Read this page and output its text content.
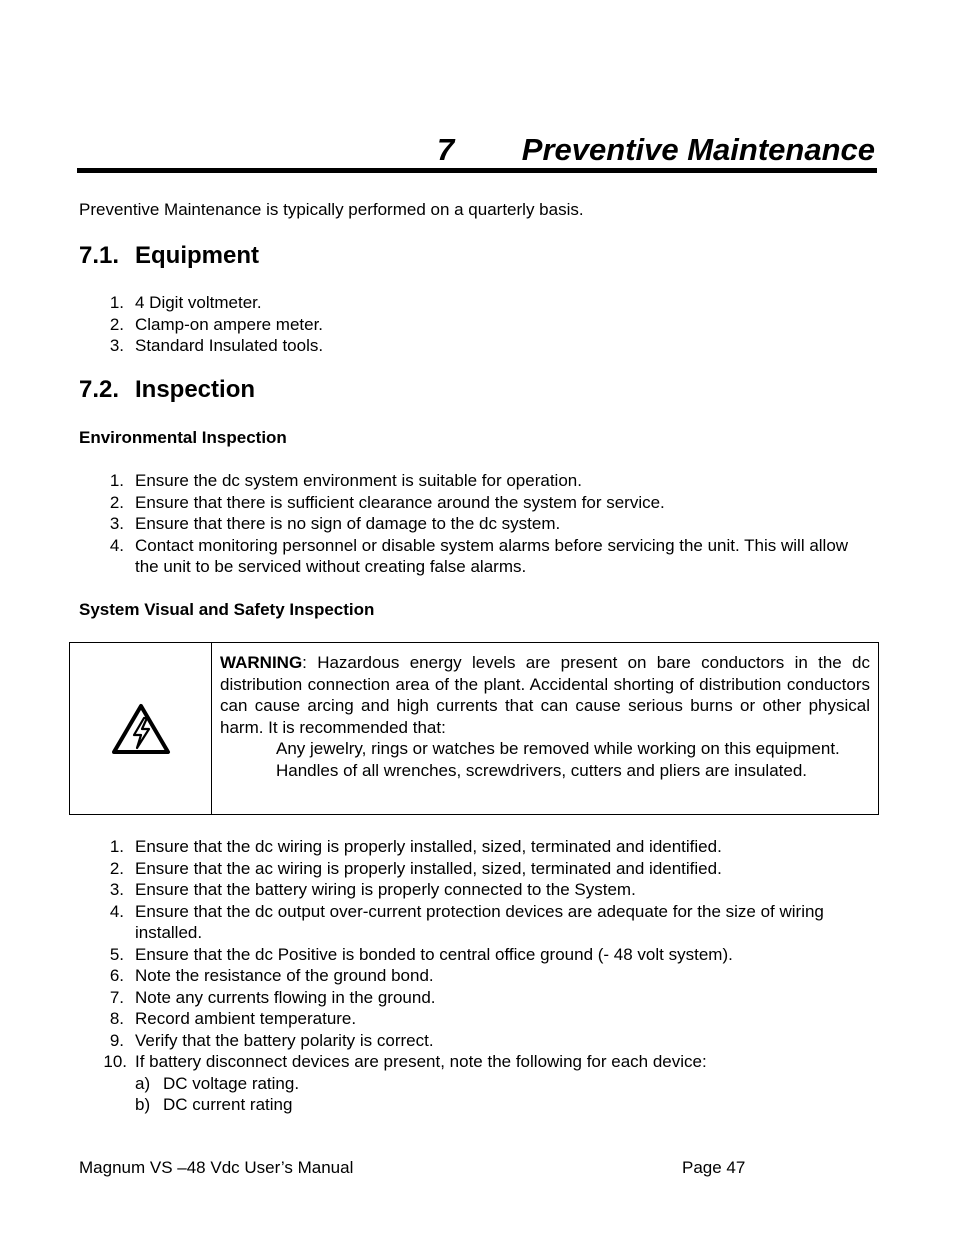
7 Preventive Maintenance
Preventive Maintenance is typically performed on a quarterly basis.
7.1. Equipment
1. 4 Digit voltmeter.
2. Clamp-on ampere meter.
3. Standard Insulated tools.
7.2. Inspection
Environmental Inspection
1. Ensure the dc system environment is suitable for operation.
2. Ensure that there is sufficient clearance around the system for service.
3. Ensure that there is no sign of damage to the dc system.
4. Contact monitoring personnel or disable system alarms before servicing the unit. This will allow the unit to be serviced without creating false alarms.
System Visual and Safety Inspection
WARNING: Hazardous energy levels are present on bare conductors in the dc distribution connection area of the plant. Accidental shorting of distribution conductors can cause arcing and high currents that can cause serious burns or other physical harm. It is recommended that:
Any jewelry, rings or watches be removed while working on this equipment.
Handles of all wrenches, screwdrivers, cutters and pliers are insulated.
1. Ensure that the dc wiring is properly installed, sized, terminated and identified.
2. Ensure that the ac wiring is properly installed, sized, terminated and identified.
3. Ensure that the battery wiring is properly connected to the System.
4. Ensure that the dc output over-current protection devices are adequate for the size of wiring installed.
5. Ensure that the dc Positive is bonded to central office ground (- 48 volt system).
6. Note the resistance of the ground bond.
7. Note any currents flowing in the ground.
8. Record ambient temperature.
9. Verify that the battery polarity is correct.
10. If battery disconnect devices are present, note the following for each device:
a) DC voltage rating.
b) DC current rating
Magnum VS –48 Vdc User’s Manual	Page 47
